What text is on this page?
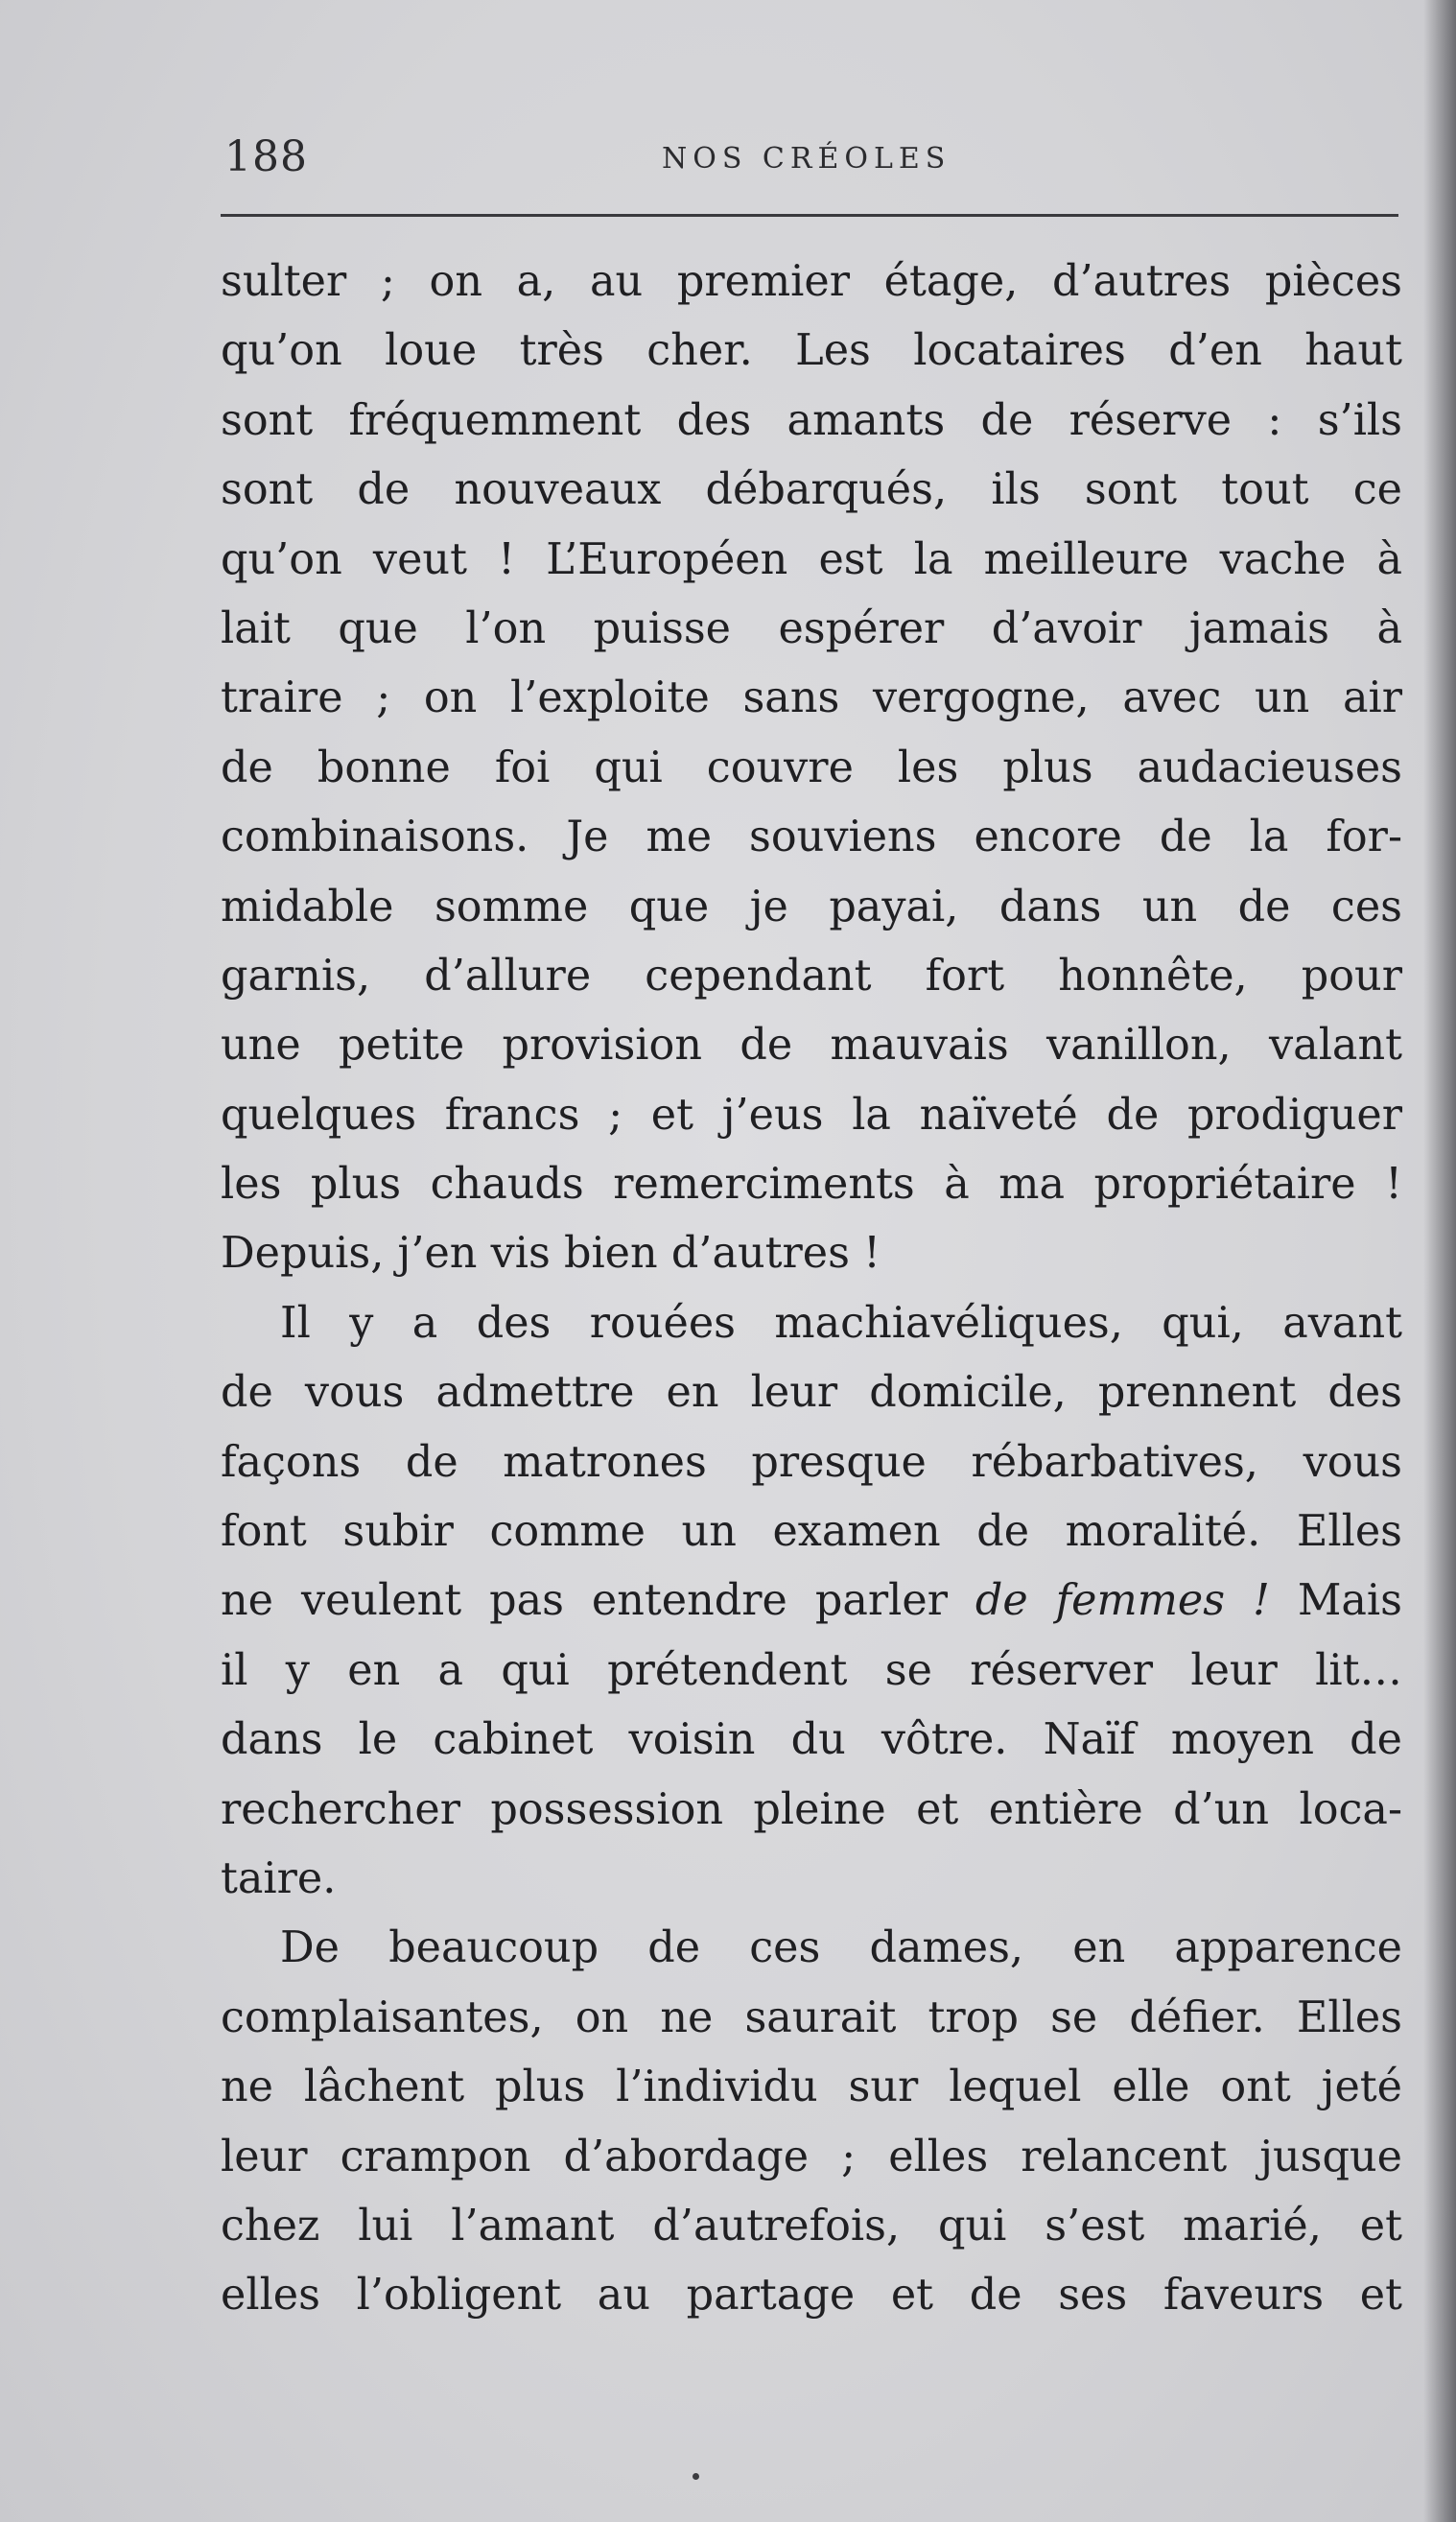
188	NOS CRÉOLES
sulter ; on a, au premier étage, d’autres pièces
qu’on loue très cher. Les locataires d’en haut
sont fréquemment des amants de réserve : s’ils
sont de nouveaux débarqués, ils sont tout ce
qu’on veut ! L’Européen est la meilleure vache à
lait que l’on puisse espérer d’avoir jamais à
traire ; on l’exploite sans vergogne, avec un air
de bonne foi qui couvre les plus audacieuses
combinaisons. Je me souviens encore de la for-
midable somme que je payai, dans un de ces
garnis, d’allure cependant fort honnête, pour
une petite provision de mauvais vanillon, valant
quelques francs ; et j’eus la naïveté de prodiguer
les plus chauds remerciments à ma propriétaire !
Depuis, j’en vis bien d’autres !
Il y a des rouées machiavéliques, qui, avant
de vous admettre en leur domicile, prennent des
façons de matrones presque rébarbatives, vous
font subir comme un examen de moralité. Elles
ne veulent pas entendre parler de femmes ! Mais
il y en a qui prétendent se réserver leur lit…
dans le cabinet voisin du vôtre. Naïf moyen de
rechercher possession pleine et entière d’un loca-
taire.
De beaucoup de ces dames, en apparence
complaisantes, on ne saurait trop se défier. Elles
ne lâchent plus l’individu sur lequel elle ont jeté
leur crampon d’abordage ; elles relancent jusque
chez lui l’amant d’autrefois, qui s’est marié, et
elles l’obligent au partage et de ses faveurs et
